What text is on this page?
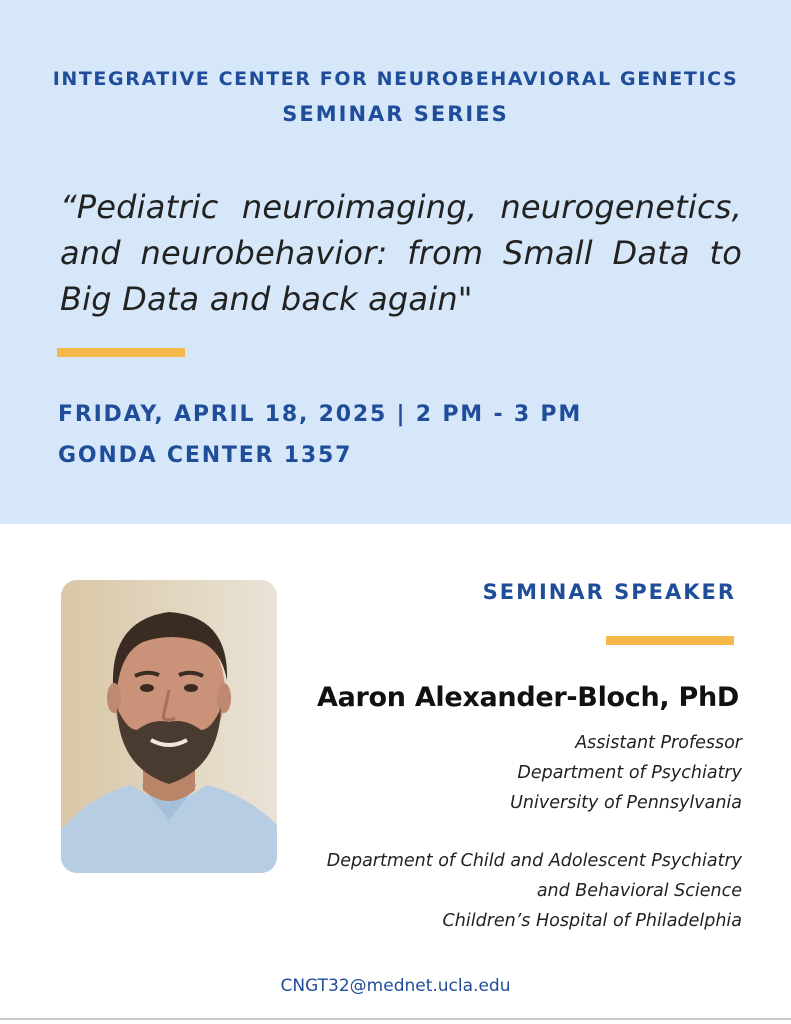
INTEGRATIVE CENTER FOR NEUROBEHAVIORAL GENETICS
SEMINAR SERIES
“Pediatric neuroimaging, neurogenetics, and neurobehavior: from Small Data to Big Data and back again"
FRIDAY, APRIL 18, 2025 | 2 PM - 3 PM
GONDA CENTER 1357
SEMINAR SPEAKER
Aaron Alexander-Bloch, PhD
Assistant Professor
Department of Psychiatry
University of Pennsylvania
Department of Child and Adolescent Psychiatry
and Behavioral Science
Children’s Hospital of Philadelphia
CNGT32@mednet.ucla.edu
